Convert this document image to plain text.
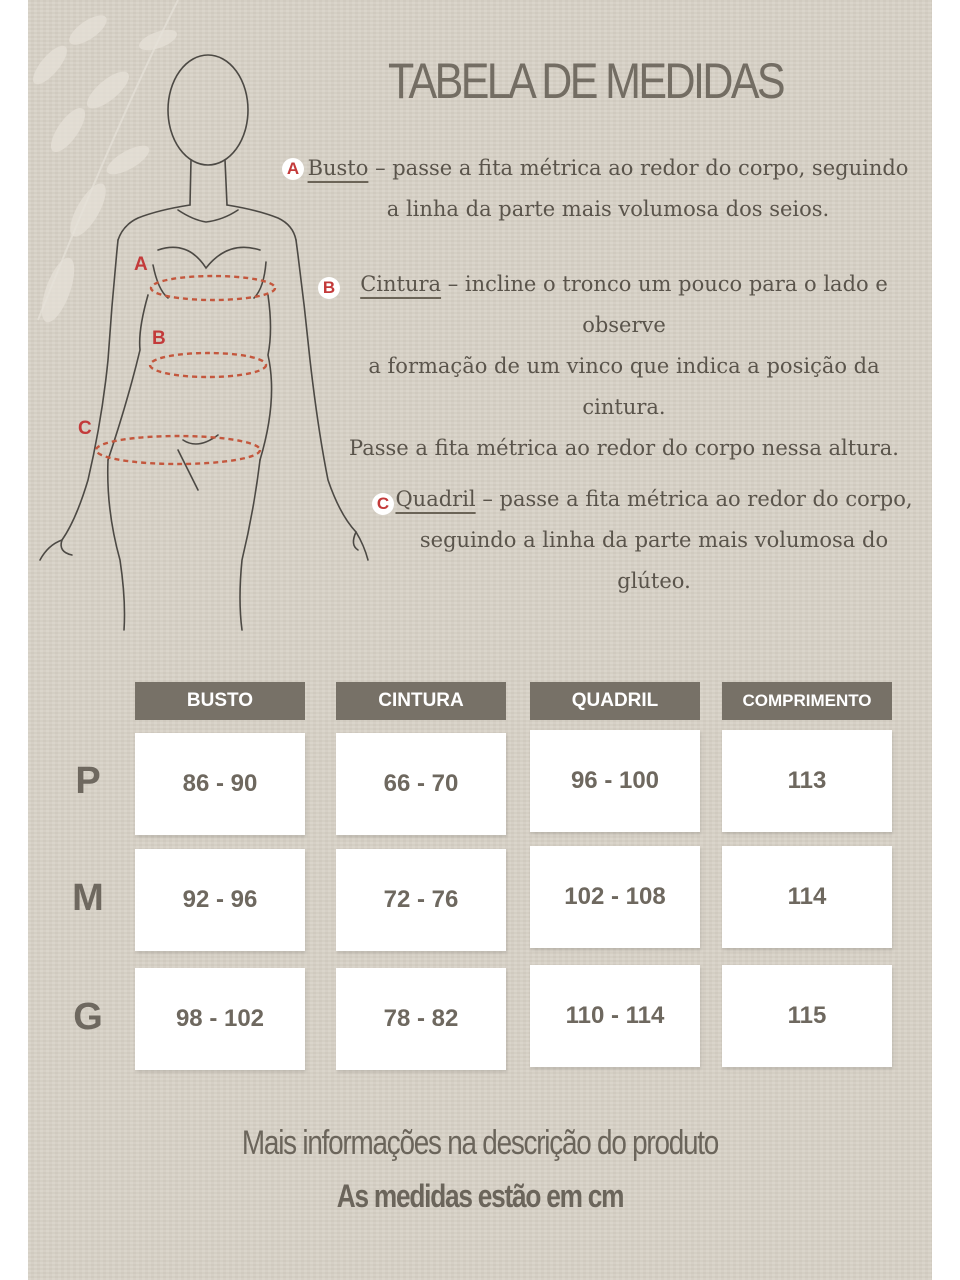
A
B
C
TABELA DE MEDIDAS
A Busto – passe a fita métrica ao redor do corpo, seguindo
a linha da parte mais volumosa dos seios.
B	Cintura – incline o tronco um pouco para o lado e
observe
a formação de um vinco que indica a posição da cintura.
Passe a fita métrica ao redor do corpo nessa altura.
C Quadril – passe a fita métrica ao redor do corpo,
seguindo a linha da parte mais volumosa do
glúteo.
BUSTO	CINTURA	QUADRIL	COMPRIMENTO
P	86 - 90	66 - 70	96 - 100	113
M	92 - 96	72 - 76	102 - 108	114
G	98 - 102	78 - 82	110 - 114	115
Mais informações na descrição do produto
As medidas estão em cm
